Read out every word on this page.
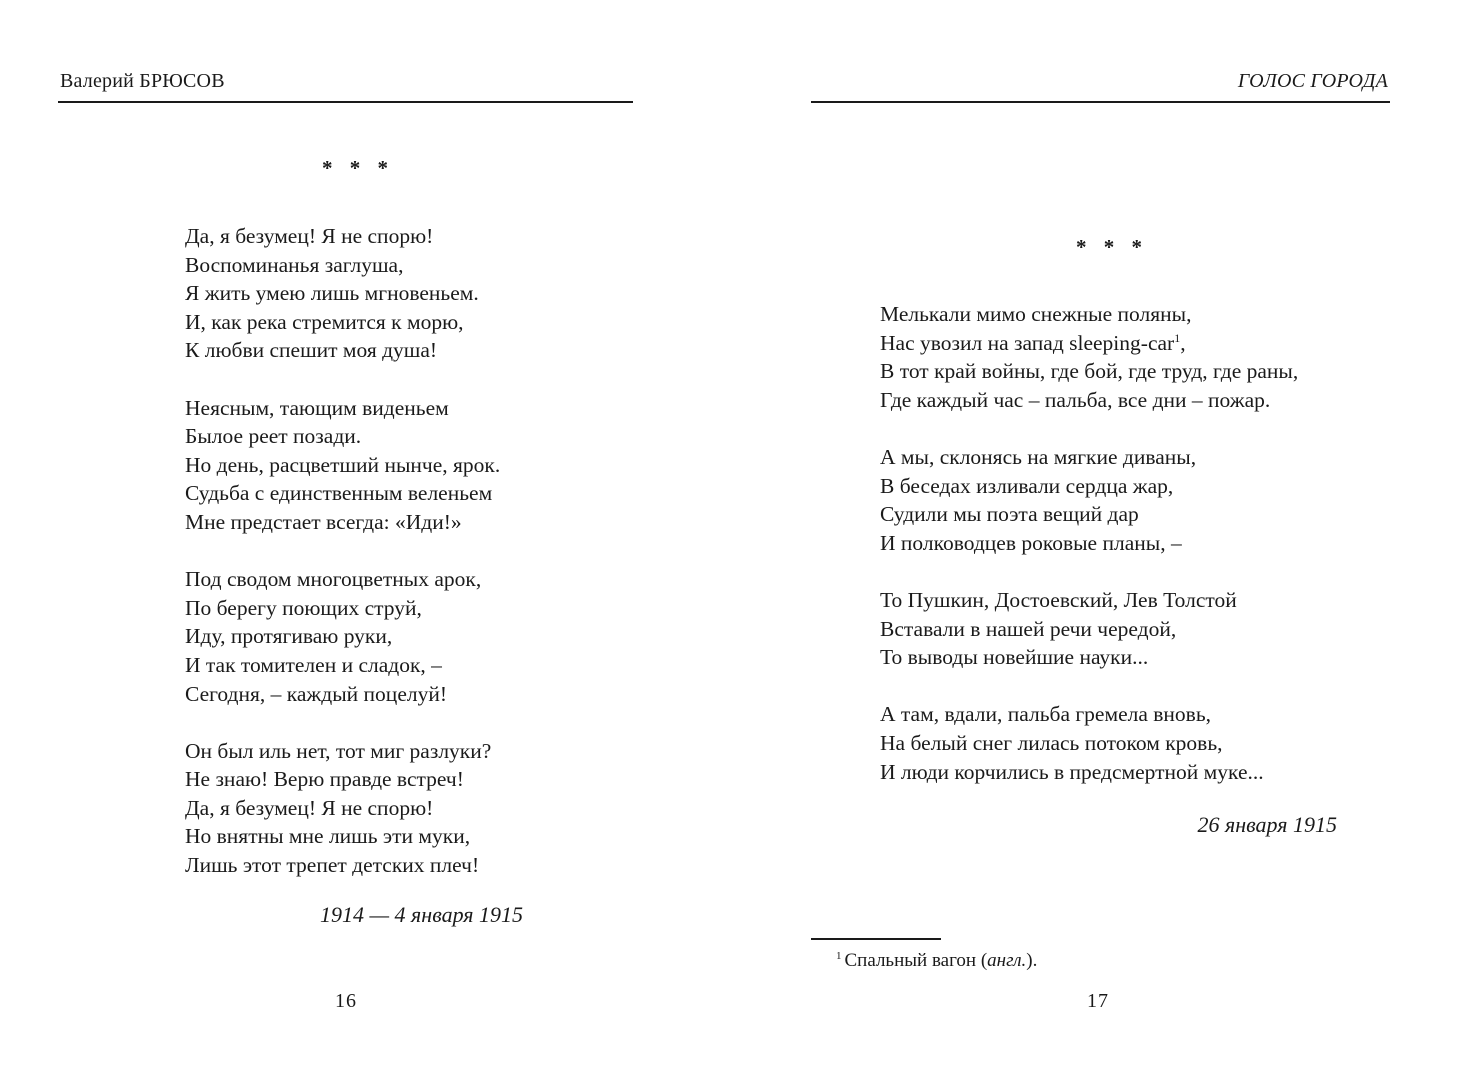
Валерий БРЮСОВ
* * *
Да, я безумец! Я не спорю!
Воспоминанья заглуша,
Я жить умею лишь мгновеньем.
И, как река стремится к морю,
К любви спешит моя душа!
Неясным, тающим виденьем
Былое реет позади.
Но день, расцветший нынче, ярок.
Судьба с единственным веленьем
Мне предстает всегда: «Иди!»
Под сводом многоцветных арок,
По берегу поющих струй,
Иду, протягиваю руки,
И так томителен и сладок, –
Сегодня, – каждый поцелуй!
Он был иль нет, тот миг разлуки?
Не знаю! Верю правде встреч!
Да, я безумец! Я не спорю!
Но внятны мне лишь эти муки,
Лишь этот трепет детских плеч!
1914 — 4 января 1915
16
ГОЛОС ГОРОДА
* * *
Мелькали мимо снежные поляны,
Нас увозил на запад sleeping-car$^1$,
В тот край войны, где бой, где труд, где раны,
Где каждый час – пальба, все дни – пожар.
А мы, склонясь на мягкие диваны,
В беседах изливали сердца жар,
Судили мы поэта вещий дар
И полководцев роковые планы, –
То Пушкин, Достоевский, Лев Толстой
Вставали в нашей речи чередой,
То выводы новейшие науки...
А там, вдали, пальба гремела вновь,
На белый снег лилась потоком кровь,
И люди корчились в предсмертной муке...
26 января 1915
$^1$ Спальный вагон (англ.).
17
